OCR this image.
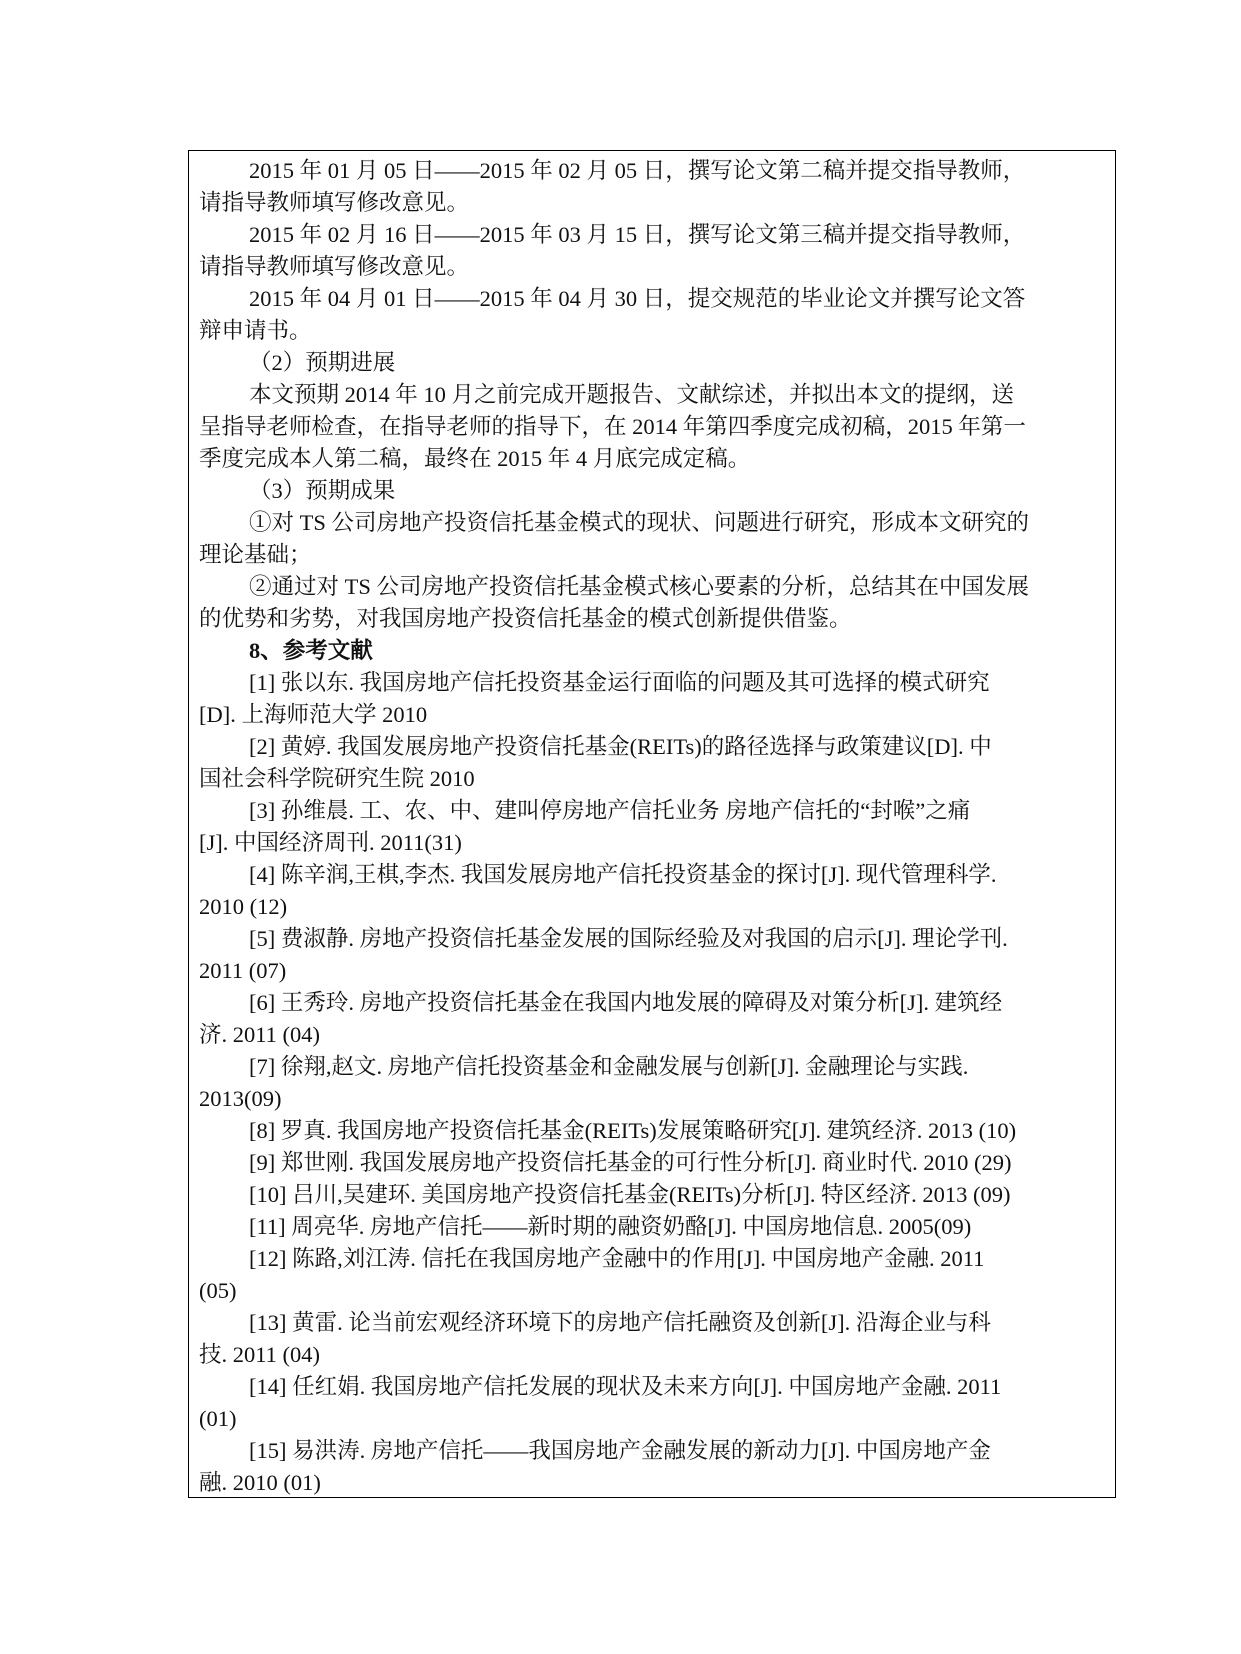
2015 年 01 月 05 日——2015 年 02 月 05 日，撰写论文第二稿并提交指导教师，
请指导教师填写修改意见。
2015 年 02 月 16 日——2015 年 03 月 15 日，撰写论文第三稿并提交指导教师，
请指导教师填写修改意见。
2015 年 04 月 01 日——2015 年 04 月 30 日，提交规范的毕业论文并撰写论文答
辩申请书。
（2）预期进展
本文预期 2014 年 10 月之前完成开题报告、文献综述，并拟出本文的提纲，送
呈指导老师检查，在指导老师的指导下，在 2014 年第四季度完成初稿，2015 年第一
季度完成本人第二稿，最终在 2015 年 4 月底完成定稿。
（3）预期成果
①对 TS 公司房地产投资信托基金模式的现状、问题进行研究，形成本文研究的
理论基础；
②通过对 TS 公司房地产投资信托基金模式核心要素的分析，总结其在中国发展
的优势和劣势，对我国房地产投资信托基金的模式创新提供借鉴。
8、参考文献
[1] 张以东. 我国房地产信托投资基金运行面临的问题及其可选择的模式研究
[D]. 上海师范大学 2010
[2] 黄婷. 我国发展房地产投资信托基金(REITs)的路径选择与政策建议[D]. 中
国社会科学院研究生院 2010
[3] 孙维晨. 工、农、中、建叫停房地产信托业务 房地产信托的“封喉”之痛
[J]. 中国经济周刊. 2011(31)
[4] 陈辛润,王棋,李杰. 我国发展房地产信托投资基金的探讨[J]. 现代管理科学.
2010 (12)
[5] 费淑静. 房地产投资信托基金发展的国际经验及对我国的启示[J]. 理论学刊.
2011 (07)
[6] 王秀玲. 房地产投资信托基金在我国内地发展的障碍及对策分析[J]. 建筑经
济. 2011 (04)
[7] 徐翔,赵文. 房地产信托投资基金和金融发展与创新[J]. 金融理论与实践.
2013(09)
[8] 罗真. 我国房地产投资信托基金(REITs)发展策略研究[J]. 建筑经济. 2013 (10)
[9] 郑世刚. 我国发展房地产投资信托基金的可行性分析[J]. 商业时代. 2010 (29)
[10] 吕川,吴建环. 美国房地产投资信托基金(REITs)分析[J]. 特区经济. 2013 (09)
[11] 周亮华. 房地产信托——新时期的融资奶酪[J]. 中国房地信息. 2005(09)
[12] 陈路,刘江涛. 信托在我国房地产金融中的作用[J]. 中国房地产金融. 2011
(05)
[13] 黄雷. 论当前宏观经济环境下的房地产信托融资及创新[J]. 沿海企业与科
技. 2011 (04)
[14] 任红娟. 我国房地产信托发展的现状及未来方向[J]. 中国房地产金融. 2011
(01)
[15] 易洪涛. 房地产信托——我国房地产金融发展的新动力[J]. 中国房地产金
融. 2010 (01)
